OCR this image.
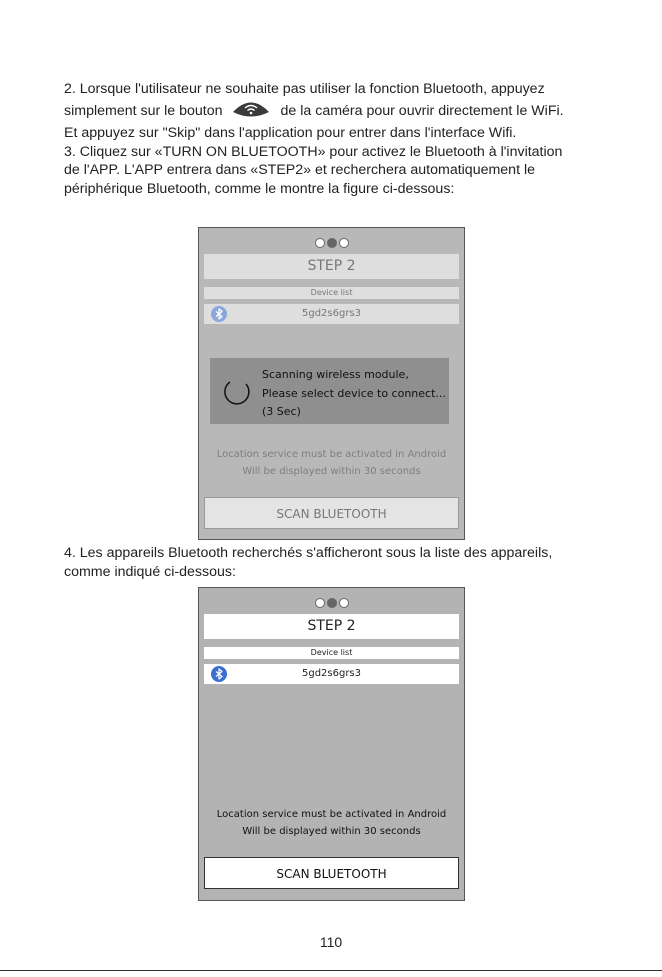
2. Lorsque l'utilisateur ne souhaite pas utiliser la fonction Bluetooth, appuyez
simplement sur le bouton	de la caméra pour ouvrir directement le WiFi.
Et appuyez sur "Skip" dans l'application pour entrer dans l'interface Wifi.
3. Cliquez sur «TURN ON BLUETOOTH» pour activez le Bluetooth à l'invitation
de l'APP. L'APP entrera dans «STEP2» et recherchera automatiquement le
périphérique Bluetooth, comme le montre la figure ci-dessous:

STEP 2
Device list
5gd2s6grs3
Scanning wireless module,
Please select device to connect...
(3 Sec)
Location service must be activated in Android
Will be displayed within 30 seconds
SCAN BLUETOOTH

4. Les appareils Bluetooth recherchés s'afficheront sous la liste des appareils,
comme indiqué ci-dessous:

STEP 2
Device list
5gd2s6grs3
Location service must be activated in Android
Will be displayed within 30 seconds
SCAN BLUETOOTH
110
